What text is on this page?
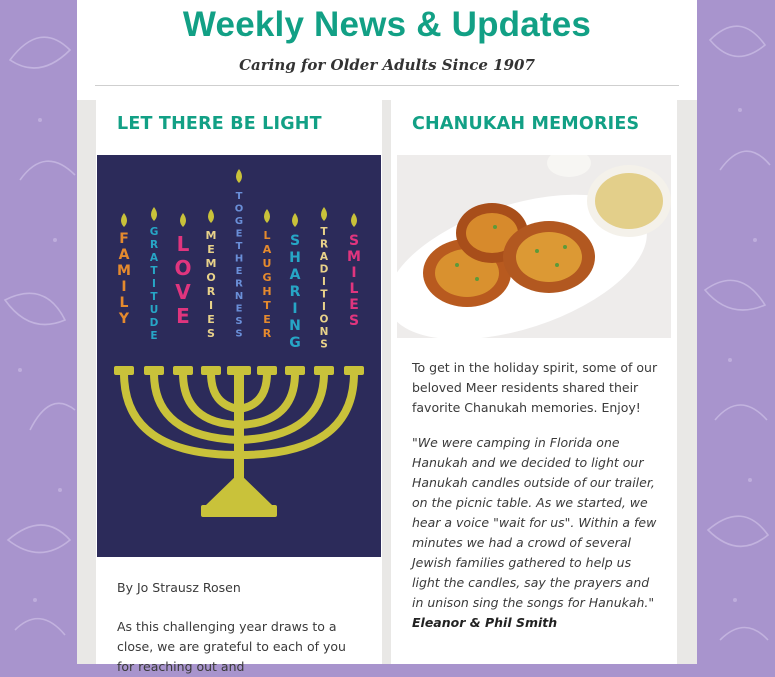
Weekly News & Updates
Caring for Older Adults Since 1907
LET THERE BE LIGHT
F A M I L Y
G R A T I T U D E
L O V E
M E M O R I E S
T O G E T H E R N E S S
L A U G H T E R
S H A R I N G
T R A D I T I O N S
S M I L E S

By Jo Strausz Rosen

As this challenging year draws to a close, we are grateful to each of you for reaching out and

CHANUKAH MEMORIES

To get in the holiday spirit, some of our beloved Meer residents shared their favorite Chanukah memories. Enjoy!

"We were camping in Florida one Hanukah and we decided to light our Hanukah candles outside of our trailer, on the picnic table. As we started, we hear a voice "wait for us". Within a few minutes we had a crowd of several Jewish families gathered to help us light the candles, say the prayers and in unison sing the songs for Hanukah."

Eleanor & Phil Smith
